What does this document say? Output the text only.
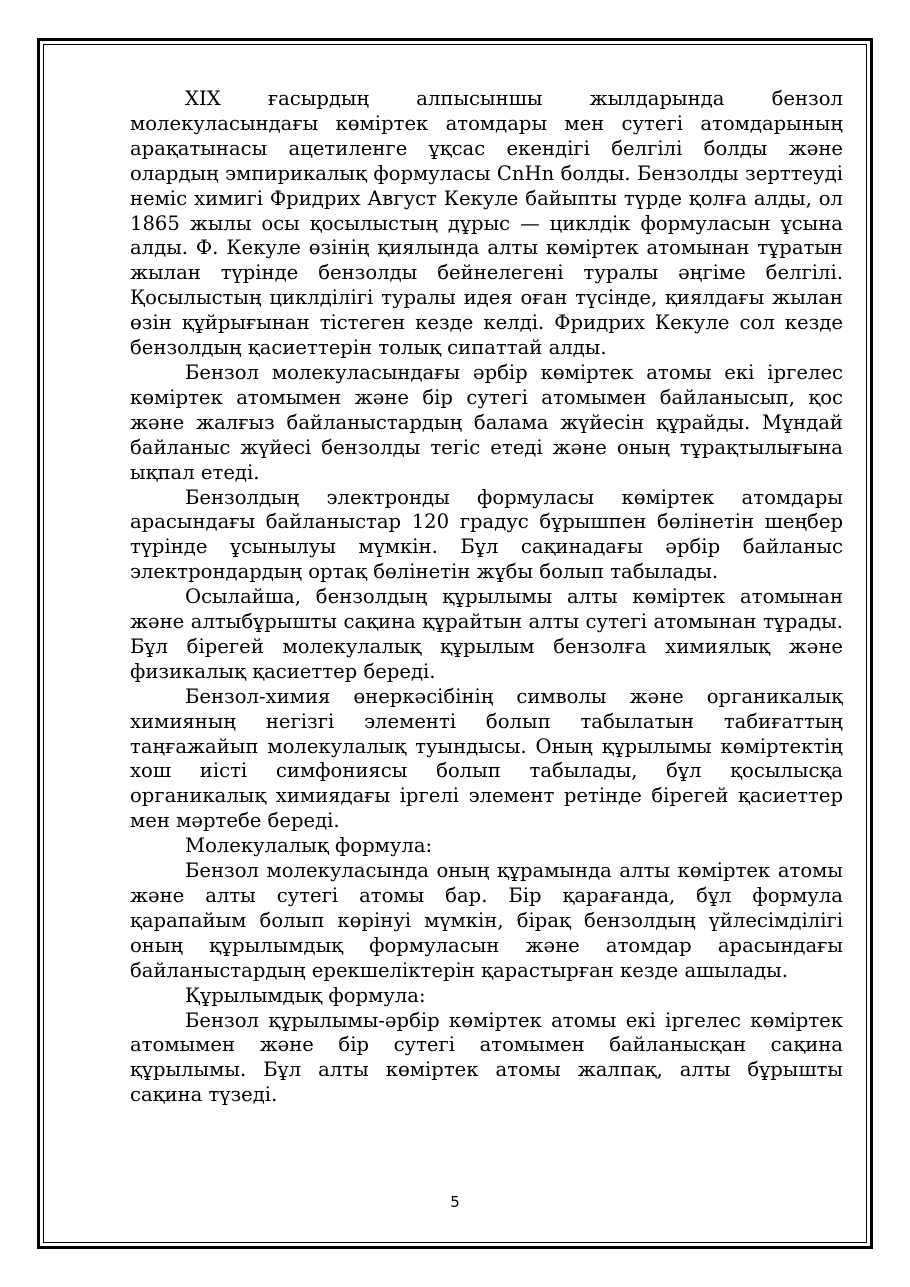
XIX ғасырдың алпысыншы жылдарында бензол молекуласындағы көміртек атомдары мен сутегі атомдарының арақатынасы ацетиленге ұқсас екендігі белгілі болды және олардың эмпирикалық формуласы CnHn болды. Бензолды зерттеуді неміс химигі Фридрих Август Кекуле байыпты түрде қолға алды, ол 1865 жылы осы қосылыстың дұрыс — циклдік формуласын ұсына алды. Ф. Кекуле өзінің қиялында алты көміртек атомынан тұратын жылан түрінде бензолды бейнелегені туралы әңгіме белгілі. Қосылыстың циклділігі туралы идея оған түсінде, қиялдағы жылан өзін құйрығынан тістеген кезде келді. Фридрих Кекуле сол кезде бензолдың қасиеттерін толық сипаттай алды.

Бензол молекуласындағы әрбір көміртек атомы екі іргелес көміртек атомымен және бір сутегі атомымен байланысып, қос және жалғыз байланыстардың балама жүйесін құрайды. Мұндай байланыс жүйесі бензолды тегіс етеді және оның тұрақтылығына ықпал етеді.

Бензолдың электронды формуласы көміртек атомдары арасындағы байланыстар 120 градус бұрышпен бөлінетін шеңбер түрінде ұсынылуы мүмкін. Бұл сақинадағы әрбір байланыс электрондардың ортақ бөлінетін жұбы болып табылады.

Осылайша, бензолдың құрылымы алты көміртек атомынан және алтыбұрышты сақина құрайтын алты сутегі атомынан тұрады. Бұл бірегей молекулалық құрылым бензолға химиялық және физикалық қасиеттер береді.

Бензол-химия өнеркәсібінің символы және органикалық химияның негізгі элементі болып табылатын табиғаттың таңғажайып молекулалық туындысы. Оның құрылымы көміртектің хош иісті симфониясы болып табылады, бұл қосылысқа органикалық химиядағы іргелі элемент ретінде бірегей қасиеттер мен мәртебе береді.

Молекулалық формула:

Бензол молекуласында оның құрамында алты көміртек атомы және алты сутегі атомы бар. Бір қарағанда, бұл формула қарапайым болып көрінуі мүмкін, бірақ бензолдың үйлесімділігі оның құрылымдық формуласын және атомдар арасындағы байланыстардың ерекшеліктерін қарастырған кезде ашылады.

Құрылымдық формула:

Бензол құрылымы-әрбір көміртек атомы екі іргелес көміртек атомымен және бір сутегі атомымен байланысқан сақина құрылымы. Бұл алты көміртек атомы жалпақ, алты бұрышты сақина түзеді.

5
